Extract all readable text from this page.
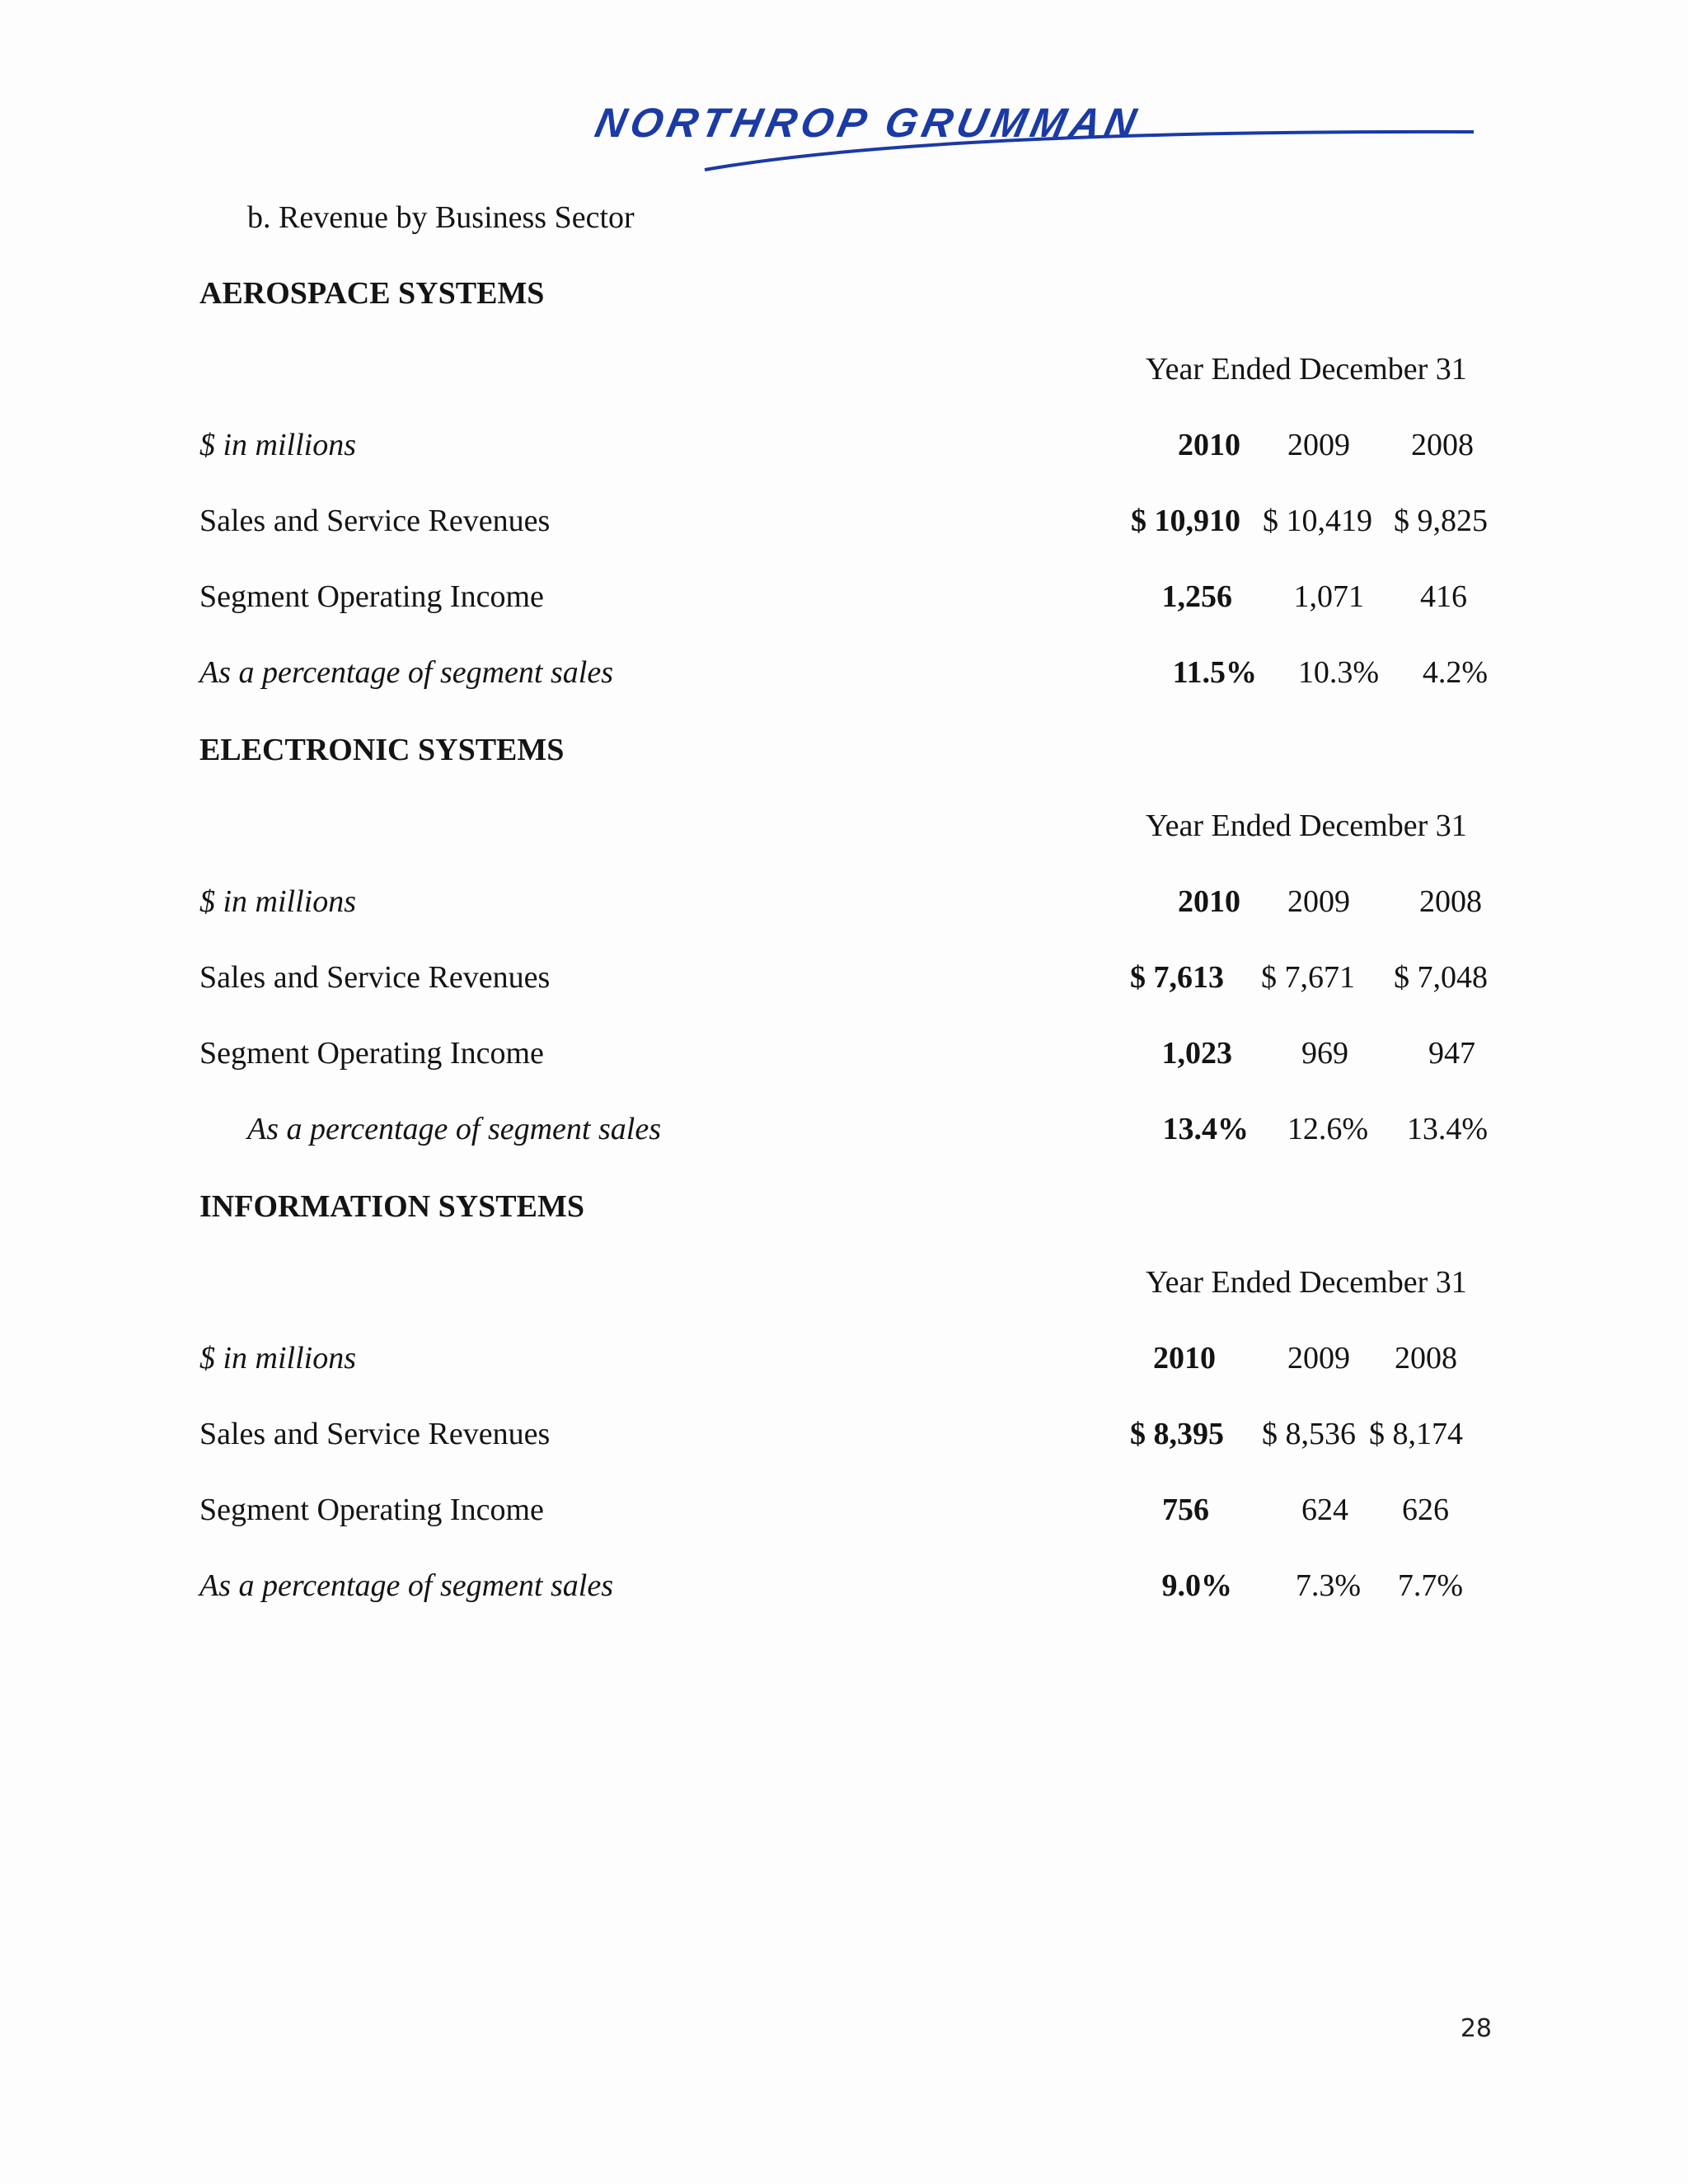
NORTHROP GRUMMAN
b. Revenue by Business Sector
AEROSPACE SYSTEMS
Year Ended December 31
$ in millions	2010	2009	2008
Sales and Service Revenues	$ 10,910 $ 10,419 $ 9,825
Segment Operating Income	1,256	1,071	416
As a percentage of segment sales	11.5%	10.3%	4.2%
ELECTRONIC SYSTEMS
Year Ended December 31
$ in millions	2010	2009	2008
Sales and Service Revenues	$ 7,613	$ 7,671	$ 7,048
Segment Operating Income	1,023	969	947
As a percentage of segment sales	13.4%	12.6%	13.4%
INFORMATION SYSTEMS
Year Ended December 31
$ in millions	2010	2009	2008
Sales and Service Revenues	$ 8,395	$ 8,536 $ 8,174
Segment Operating Income	756	624	626
As a percentage of segment sales	9.0%	7.3%	7.7%
28
